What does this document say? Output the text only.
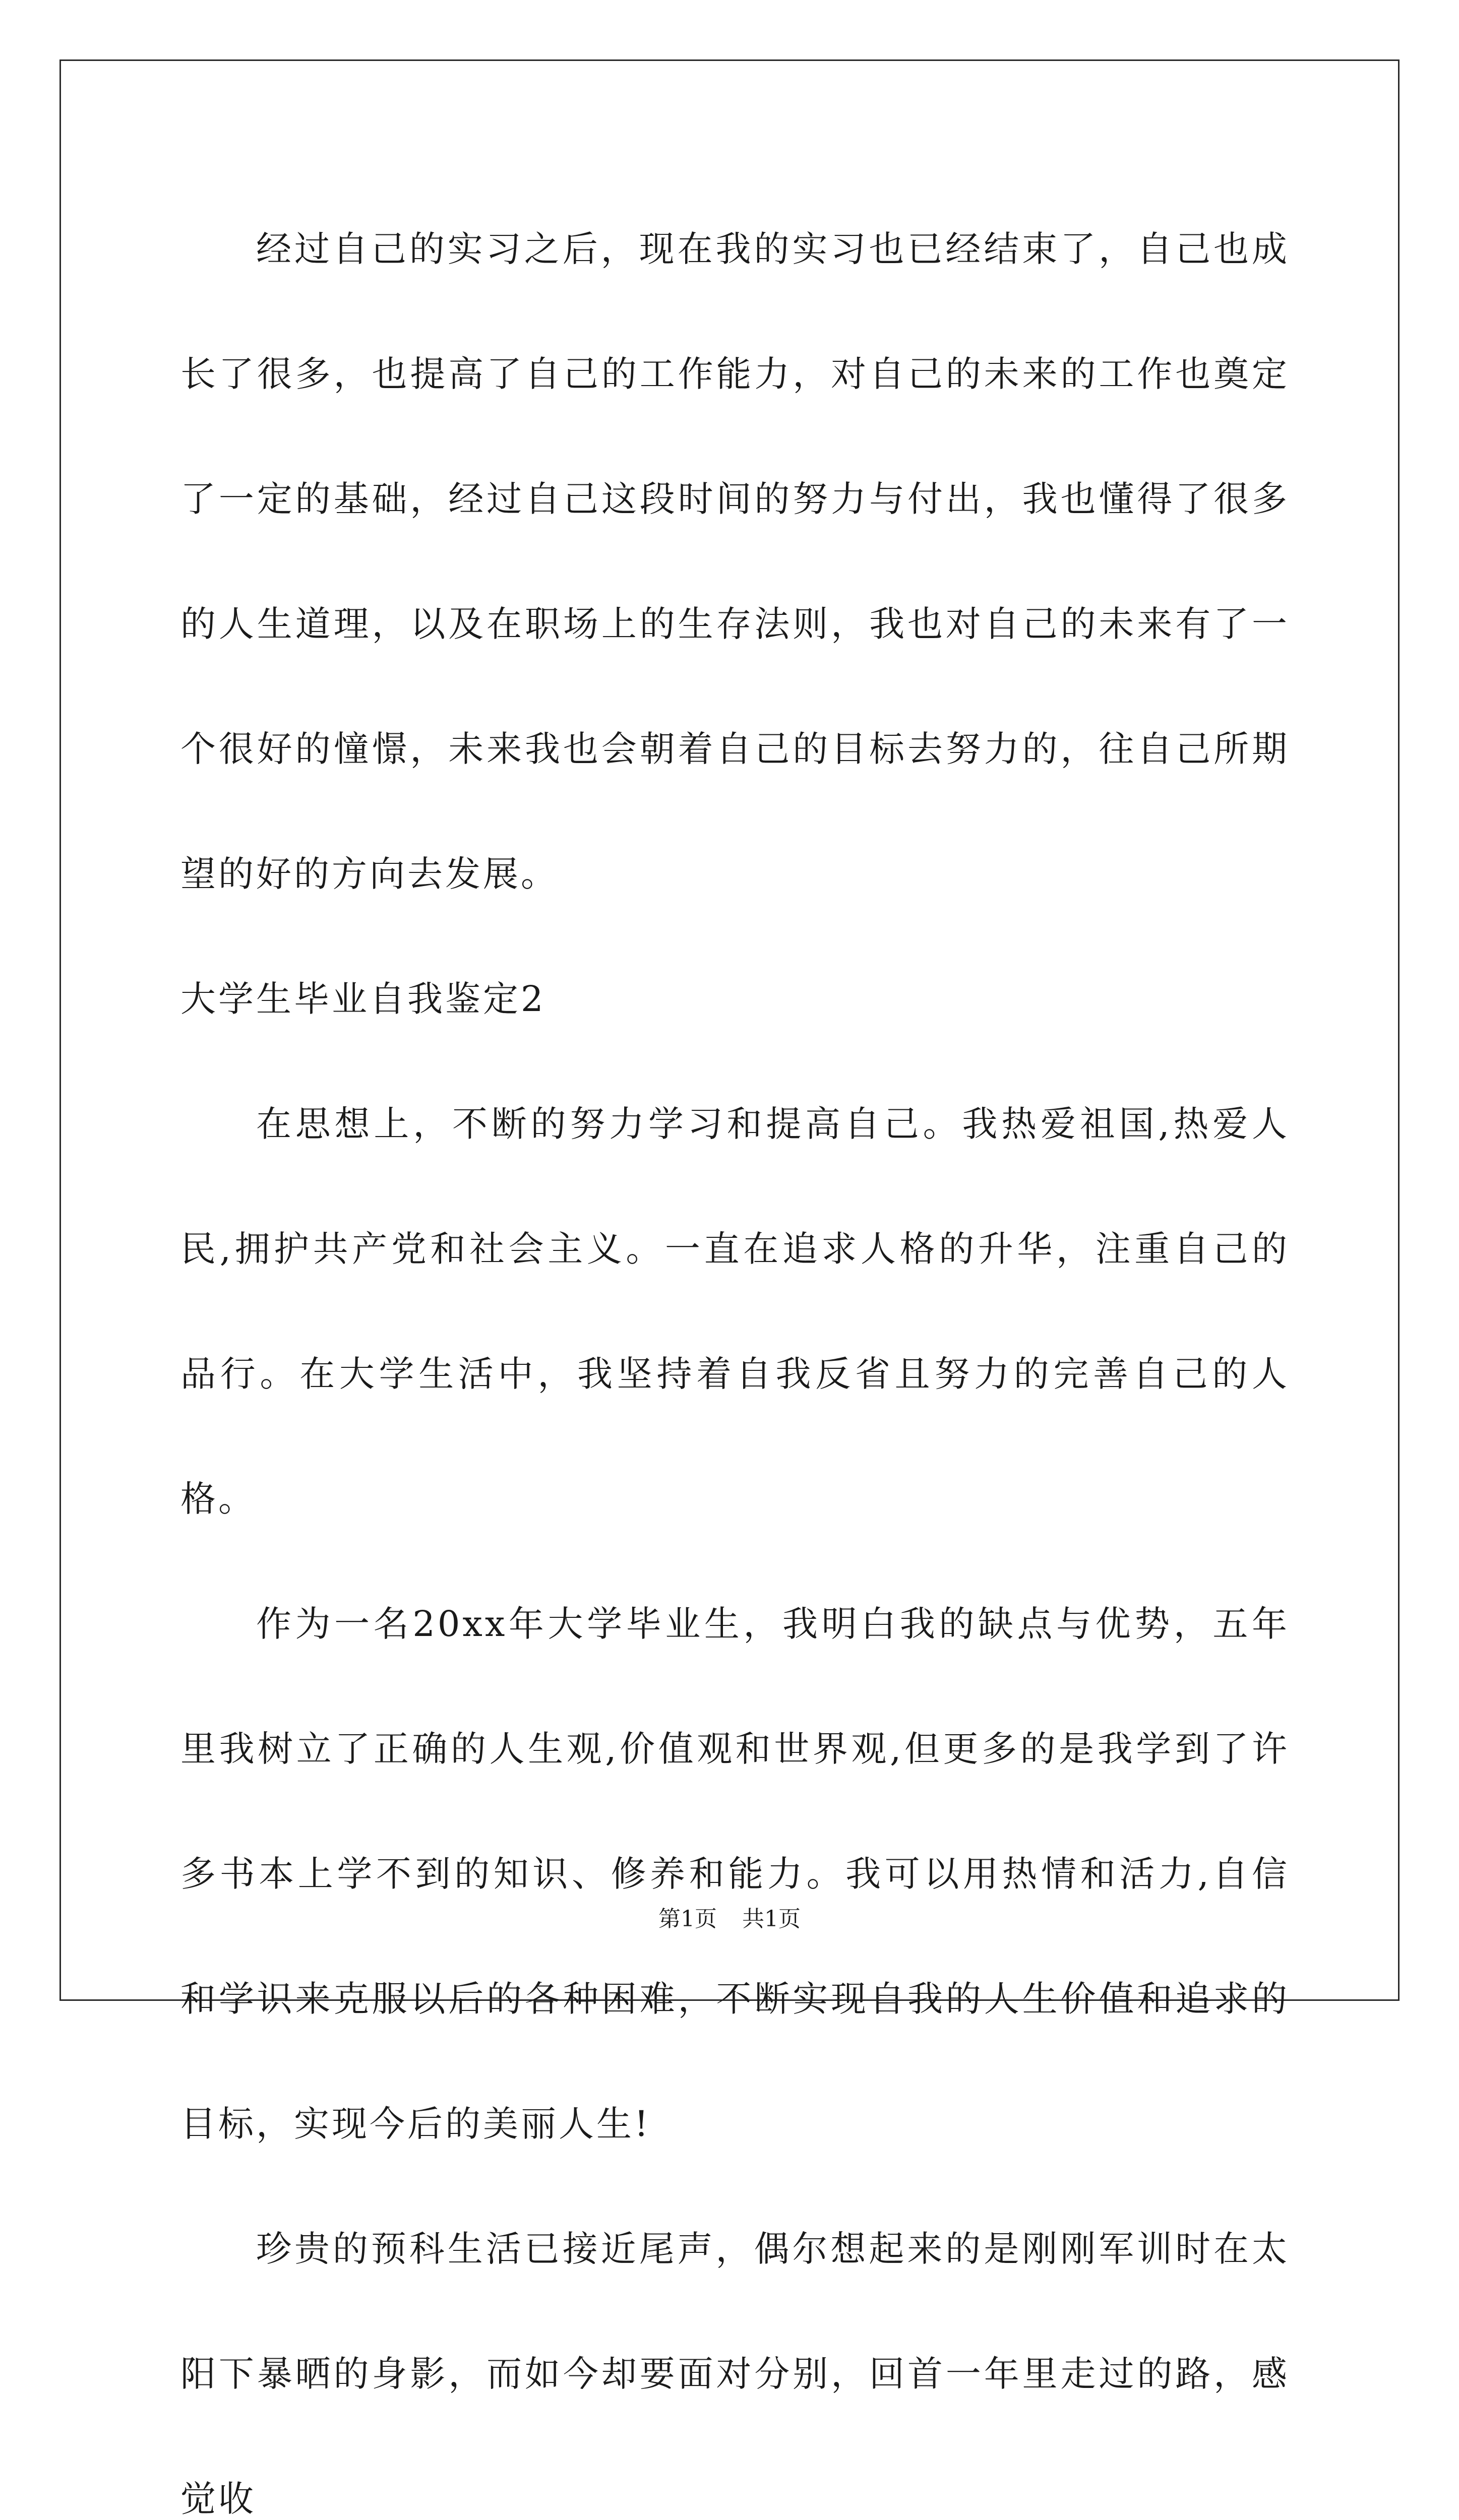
经过自己的实习之后，现在我的实习也已经结束了，自己也成长了很多，也提高了自己的工作能力，对自己的未来的工作也奠定了一定的基础，经过自己这段时间的努力与付出，我也懂得了很多的人生道理，以及在职场上的生存法则，我也对自己的未来有了一个很好的憧憬，未来我也会朝着自己的目标去努力的，往自己所期望的好的方向去发展。

大学生毕业自我鉴定2

在思想上，不断的努力学习和提高自己。我热爱祖国,热爱人民,拥护共产党和社会主义。一直在追求人格的升华，注重自己的品行。在大学生活中，我坚持着自我反省且努力的完善自己的人格。

作为一名20xx年大学毕业生，我明白我的缺点与优势，五年里我树立了正确的人生观,价值观和世界观,但更多的是我学到了许多书本上学不到的知识、修养和能力。我可以用热情和活力,自信和学识来克服以后的各种困难，不断实现自我的人生价值和追求的目标，实现今后的美丽人生!

珍贵的预科生活已接近尾声，偶尔想起来的是刚刚军训时在太阳下暴晒的身影，而如今却要面对分别，回首一年里走过的路，感觉收

第1页 共1页
